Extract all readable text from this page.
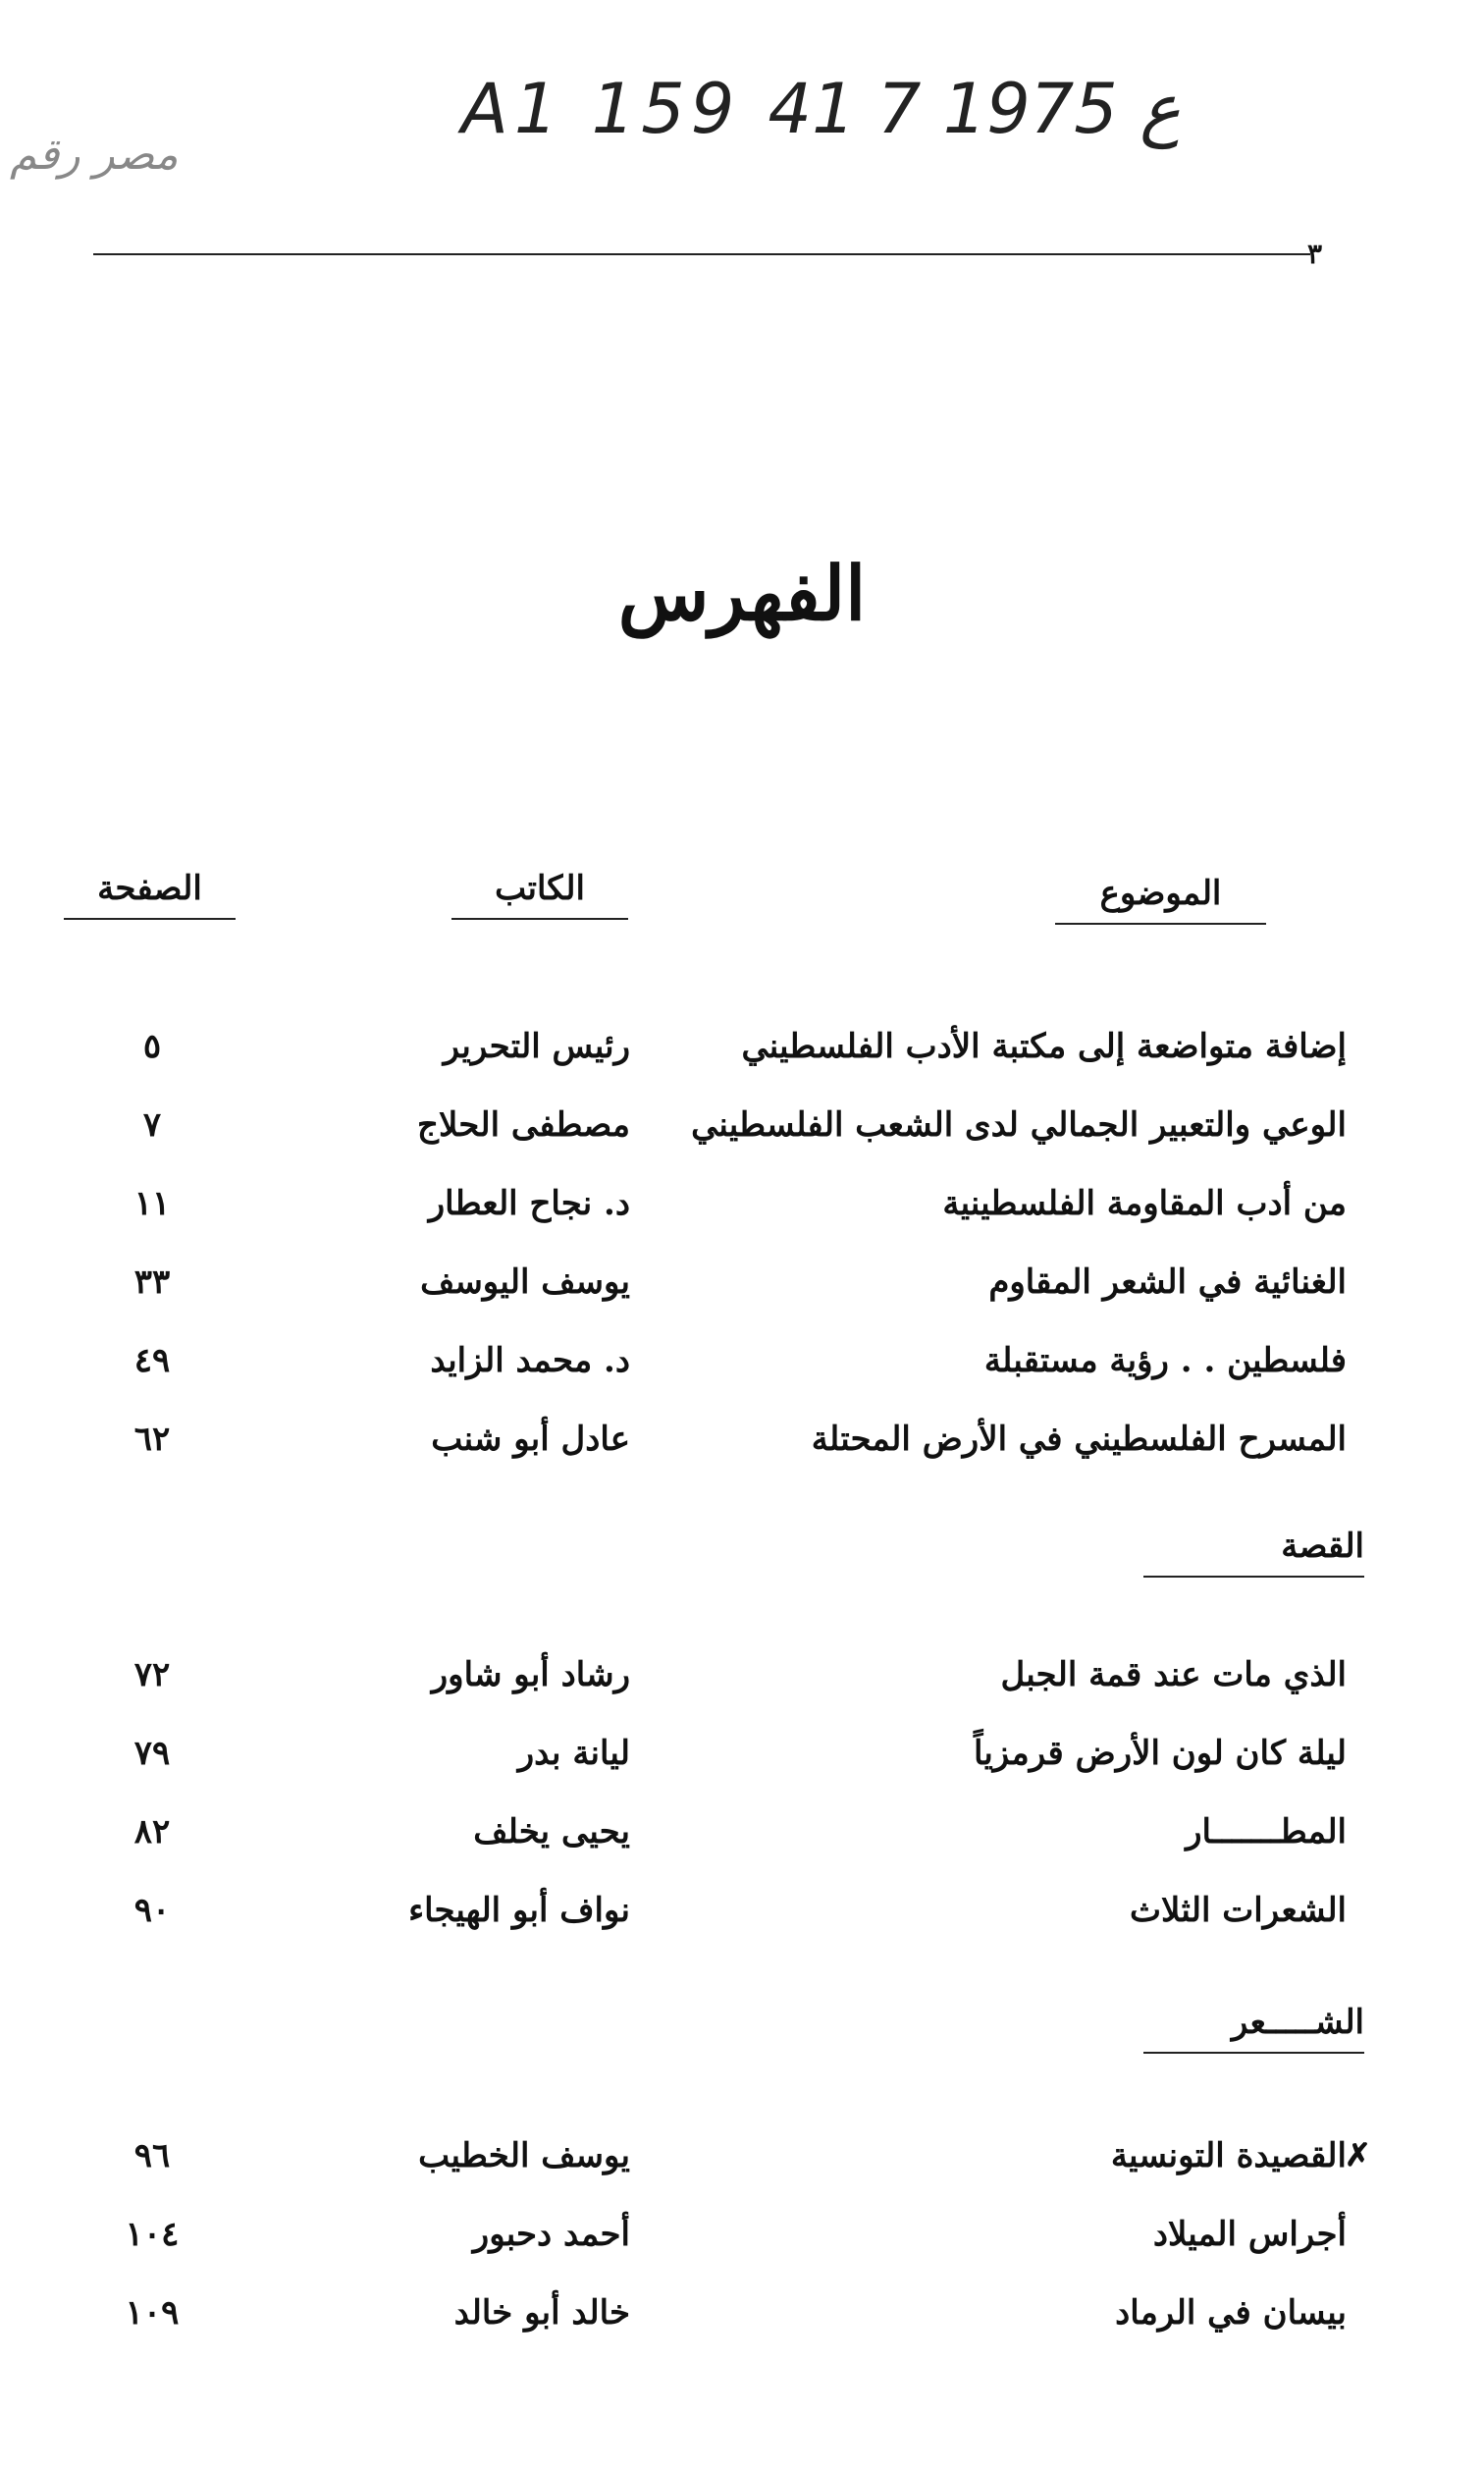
A1 159 ع 1975 7 41
مصر رقم
٣
الفهرس
الموضوع
الكاتب
الصفحة
إضافة متواضعة إلى مكتبة الأدب الفلسطيني
رئيس التحرير
٥
الوعي والتعبير الجمالي لدى الشعب الفلسطيني
مصطفى الحلاج
٧
من أدب المقاومة الفلسطينية
د. نجاح العطار
١١
الغنائية في الشعر المقاوم
يوسف اليوسف
٣٣
فلسطين . . رؤية مستقبلة
د. محمد الزايد
٤٩
المسرح الفلسطيني في الأرض المحتلة
عادل أبو شنب
٦٢
القصة
الذي مات عند قمة الجبل
رشاد أبو شاور
٧٢
ليلة كان لون الأرض قرمزياً
ليانة بدر
٧٩
المطـــــــار
يحيى يخلف
٨٢
الشعرات الثلاث
نواف أبو الهيجاء
٩٠
الشـــــعر
✗
القصيدة التونسية
يوسف الخطيب
٩٦
أجراس الميلاد
أحمد دحبور
١٠٤
بيسان في الرماد
خالد أبو خالد
١٠٩
